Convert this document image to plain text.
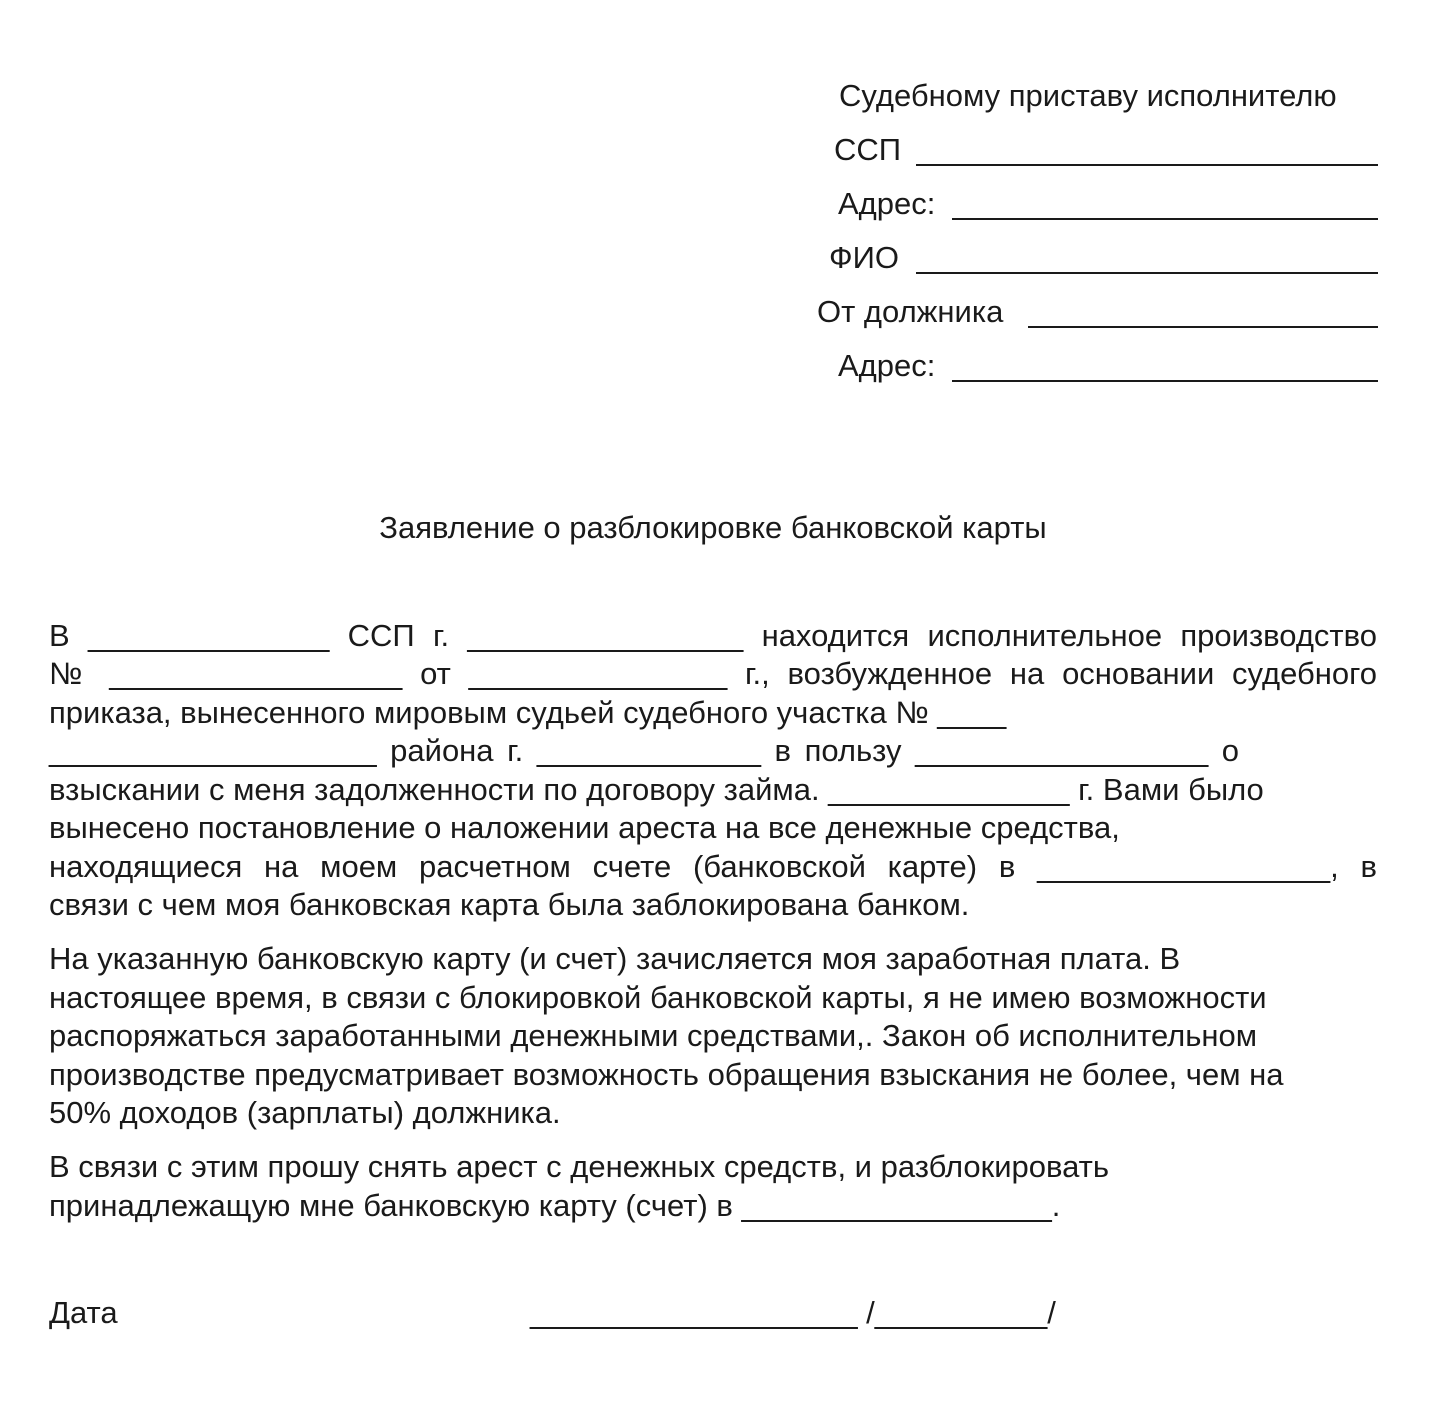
Судебному приставу исполнителю
ССП
Адрес:
ФИО
От должника
Адрес:
Заявление о разблокировке банковской карты
В ______________ ССП г. ________________ находится исполнительное производство
№ _________________ от _______________ г., возбужденное на основании судебного
приказа, вынесенного мировым судьей судебного участка № ____
___________________ района г. _____________ в пользу _________________ о
взыскании с меня задолженности по договору займа. ______________ г. Вами было
вынесено постановление о наложении ареста на все денежные средства,
находящиеся на моем расчетном счете (банковской карте) в _________________, в
связи с чем моя банковская карта была заблокирована банком.
На указанную банковскую карту (и счет) зачисляется моя заработная плата. В
настоящее время, в связи с блокировкой банковской карты, я не имею возможности
распоряжаться заработанными денежными средствами,. Закон об исполнительном
производстве предусматривает возможность обращения взыскания не более, чем на
50% доходов (зарплаты) должника.
В связи с этим прошу снять арест с денежных средств, и разблокировать
принадлежащую мне банковскую карту (счет) в __________________.
Дата	___________________ /__________/
